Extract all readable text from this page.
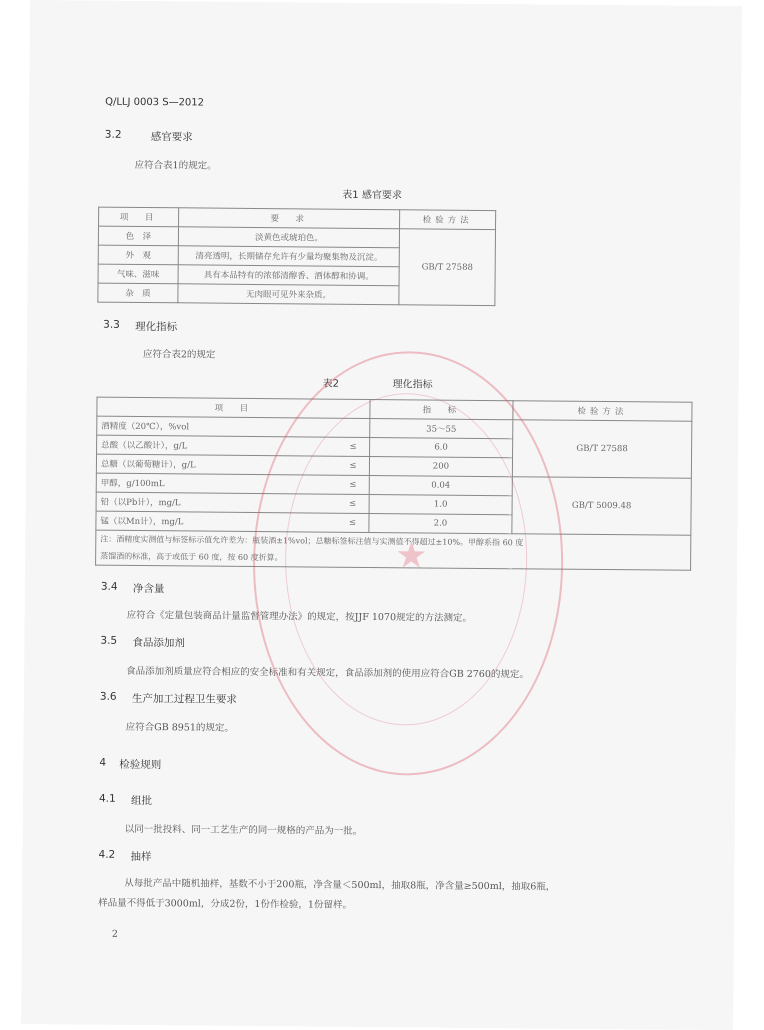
Q/LLJ 0003 S—2012
3.2	感官要求
应符合表1的规定。
表1 感官要求
项　目	要　求	检验方法
色　泽	淡黄色或琥珀色。	GB/T 27588
外　观	清亮透明，长期储存允许有少量均聚集物及沉淀。	
气味、滋味	具有本品特有的浓郁清醇香、酒体醇和协调。	
杂　质	无肉眼可见外来杂质。	
3.3 理化指标
应符合表2的规定
表2	理化指标
项　目		指　标	检验方法
酒精度（20℃），%vol		35～55	GB/T 27588
总酸（以乙酸计），g/L	≤	6.0	
总糖（以葡萄糖计），g/L	≤	200	
甲醇，g/100mL	≤	0.04	GB/T 5009.48
铅（以Pb计），mg/L	≤	1.0	
锰（以Mn计），mg/L	≤	2.0	

注：酒精度实测值与标签标示值允许差为：瓶装酒±1%vol；总糖标签标注值与实测值不得超过±10%。甲醇系指 60 度
蒸馏酒的标准，高于或低于 60 度，按 60 度折算。			
3.4 净含量
应符合《定量包装商品计量监督管理办法》的规定，按JJF 1070规定的方法测定。
3.5 食品添加剂
食品添加剂质量应符合相应的安全标准和有关规定，食品添加剂的使用应符合GB 2760的规定。
3.6 生产加工过程卫生要求
应符合GB 8951的规定。
4 检验规则
4.1 组批
以同一批投料、同一工艺生产的同一规格的产品为一批。
4.2 抽样
从每批产品中随机抽样，基数不小于200瓶，净含量＜500ml，抽取8瓶，净含量≥500ml，抽取6瓶，
样品量不得低于3000ml，分成2份，1份作检验，1份留样。
2
★
